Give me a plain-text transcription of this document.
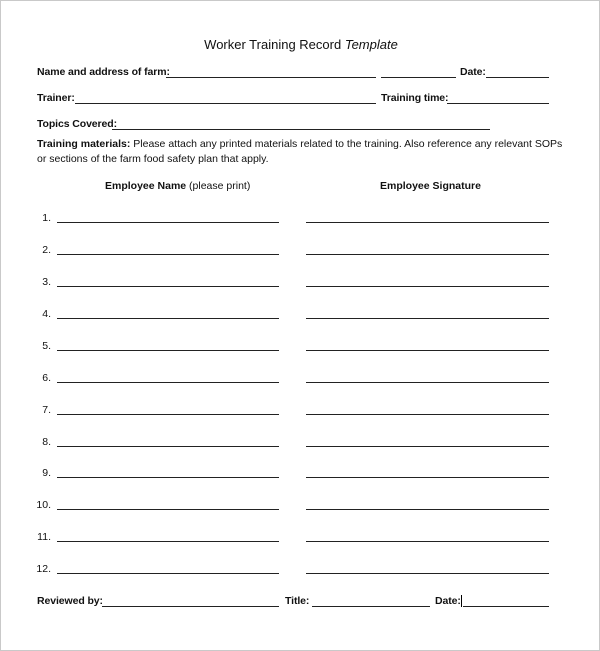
Worker Training Record Template
Name and address of farm:	Date:
Trainer:	Training time:
Topics Covered:
Training materials: Please attach any printed materials related to the training. Also reference any relevant SOPs or sections of the farm food safety plan that apply.
Employee Name (please print)	Employee Signature
1.
2.
3.
4.
5.
6.
7.
8.
9.
10.
11.
12.
Reviewed by:	Title:	Date:
